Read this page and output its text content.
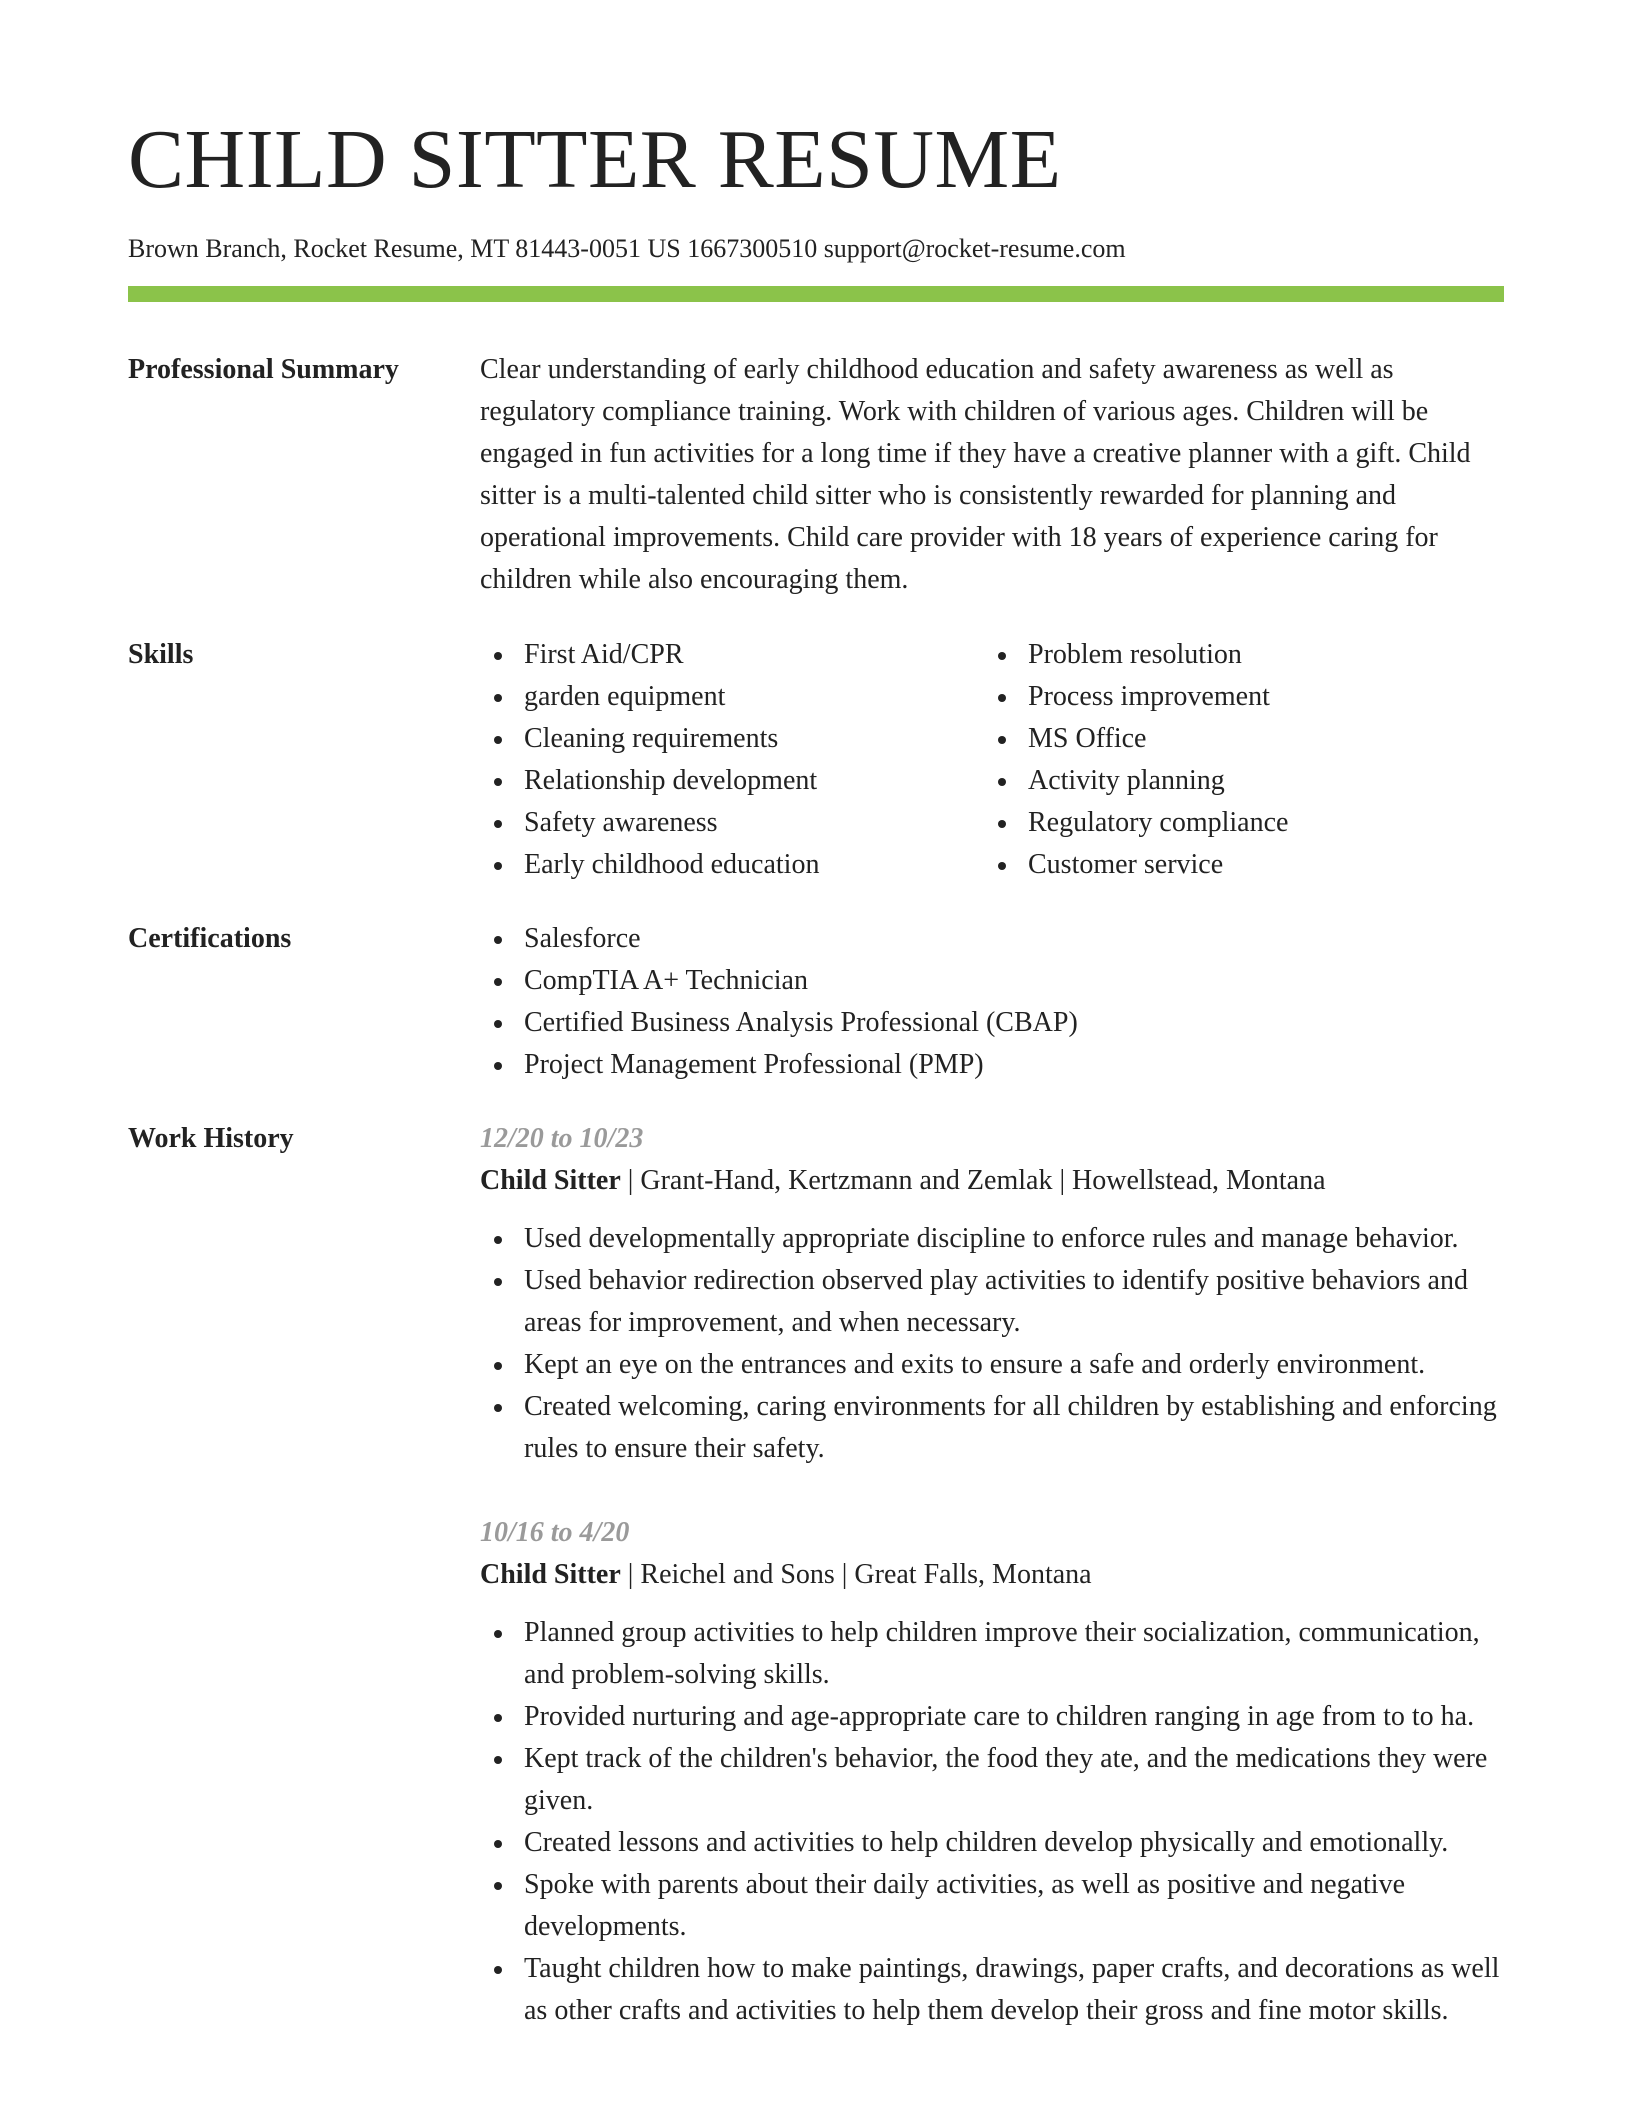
CHILD SITTER RESUME
Brown Branch, Rocket Resume, MT 81443-0051 US 1667300510 support@rocket-resume.com
Professional Summary	Clear understanding of early childhood education and safety awareness as well as regulatory compliance training. Work with children of various ages. Children will be engaged in fun activities for a long time if they have a creative planner with a gift. Child sitter is a multi-talented child sitter who is consistently rewarded for planning and operational improvements. Child care provider with 18 years of experience caring for children while also encouraging them.

Skills	First Aid/CPR
garden equipment
Cleaning requirements
Relationship development
Safety awareness
Early childhood education
Problem resolution
Process improvement
MS Office
Activity planning
Regulatory compliance
Customer service
Certifications	Salesforce
CompTIA A+ Technician
Certified Business Analysis Professional (CBAP)
Project Management Professional (PMP)
Work History	12/20 to 10/23
Child Sitter | Grant-Hand, Kertzmann and Zemlak | Howellstead, Montana
Used developmentally appropriate discipline to enforce rules and manage behavior.
Used behavior redirection observed play activities to identify positive behaviors and areas for improvement, and when necessary.
Kept an eye on the entrances and exits to ensure a safe and orderly environment.
Created welcoming, caring environments for all children by establishing and enforcing rules to ensure their safety.
10/16 to 4/20
Child Sitter | Reichel and Sons | Great Falls, Montana
Planned group activities to help children improve their socialization, communication, and problem-solving skills.
Provided nurturing and age-appropriate care to children ranging in age from to to ha.
Kept track of the children's behavior, the food they ate, and the medications they were given.
Created lessons and activities to help children develop physically and emotionally.
Spoke with parents about their daily activities, as well as positive and negative developments.
Taught children how to make paintings, drawings, paper crafts, and decorations as well as other crafts and activities to help them develop their gross and fine motor skills.
